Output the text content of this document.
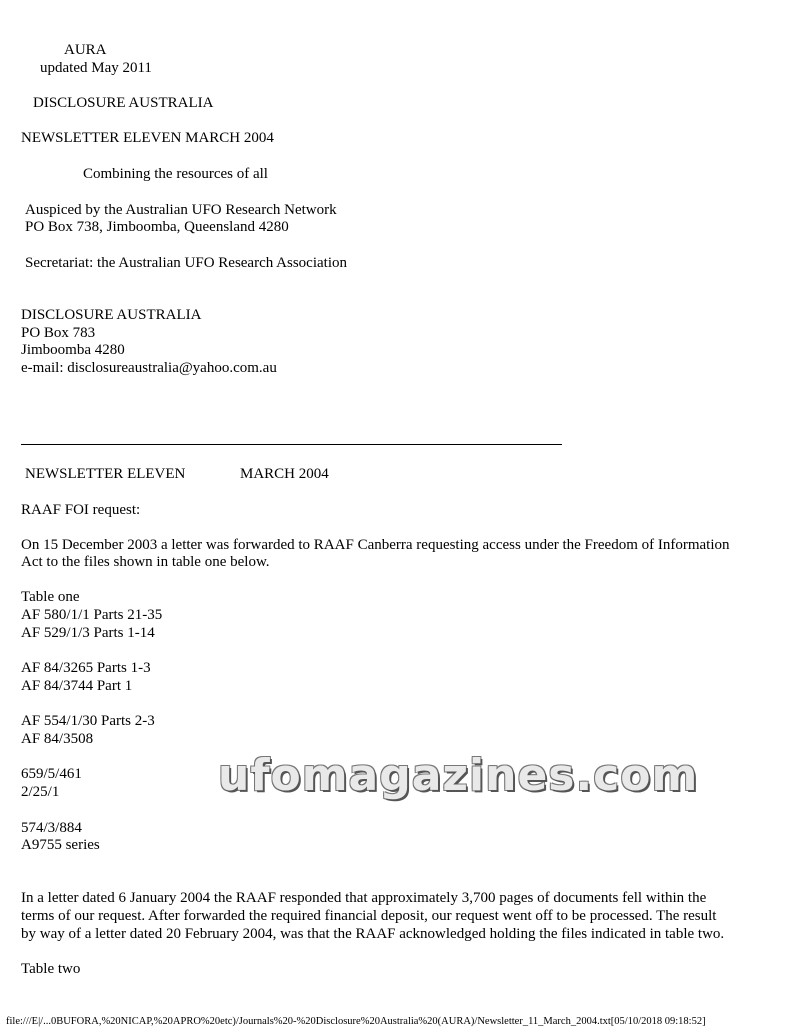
AURA
updated May 2011
DISCLOSURE AUSTRALIA
NEWSLETTER ELEVEN MARCH 2004
Combining the resources of all
Auspiced by the Australian UFO Research Network
PO Box 738, Jimboomba, Queensland 4280
Secretariat: the Australian UFO Research Association
DISCLOSURE AUSTRALIA
PO Box 783
Jimboomba 4280
e-mail: disclosureaustralia@yahoo.com.au
NEWSLETTER ELEVEN	MARCH 2004
RAAF FOI request:
On 15 December 2003 a letter was forwarded to RAAF Canberra requesting access under the Freedom of Information
Act to the files shown in table one below.
Table one
AF 580/1/1 Parts 21-35
AF 529/1/3 Parts 1-14
AF 84/3265 Parts 1-3
AF 84/3744 Part 1
AF 554/1/30 Parts 2-3
AF 84/3508
659/5/461
2/25/1
574/3/884
A9755 series
In a letter dated 6 January 2004 the RAAF responded that approximately 3,700 pages of documents fell within the
terms of our request. After forwarded the required financial deposit, our request went off to be processed. The result
by way of a letter dated 20 February 2004, was that the RAAF acknowledged holding the files indicated in table two.
Table two
ufomagazines.com
file:///E|/...0BUFORA,%20NICAP,%20APRO%20etc)/Journals%20-%20Disclosure%20Australia%20(AURA)/Newsletter_11_March_2004.txt[05/10/2018 09:18:52]
